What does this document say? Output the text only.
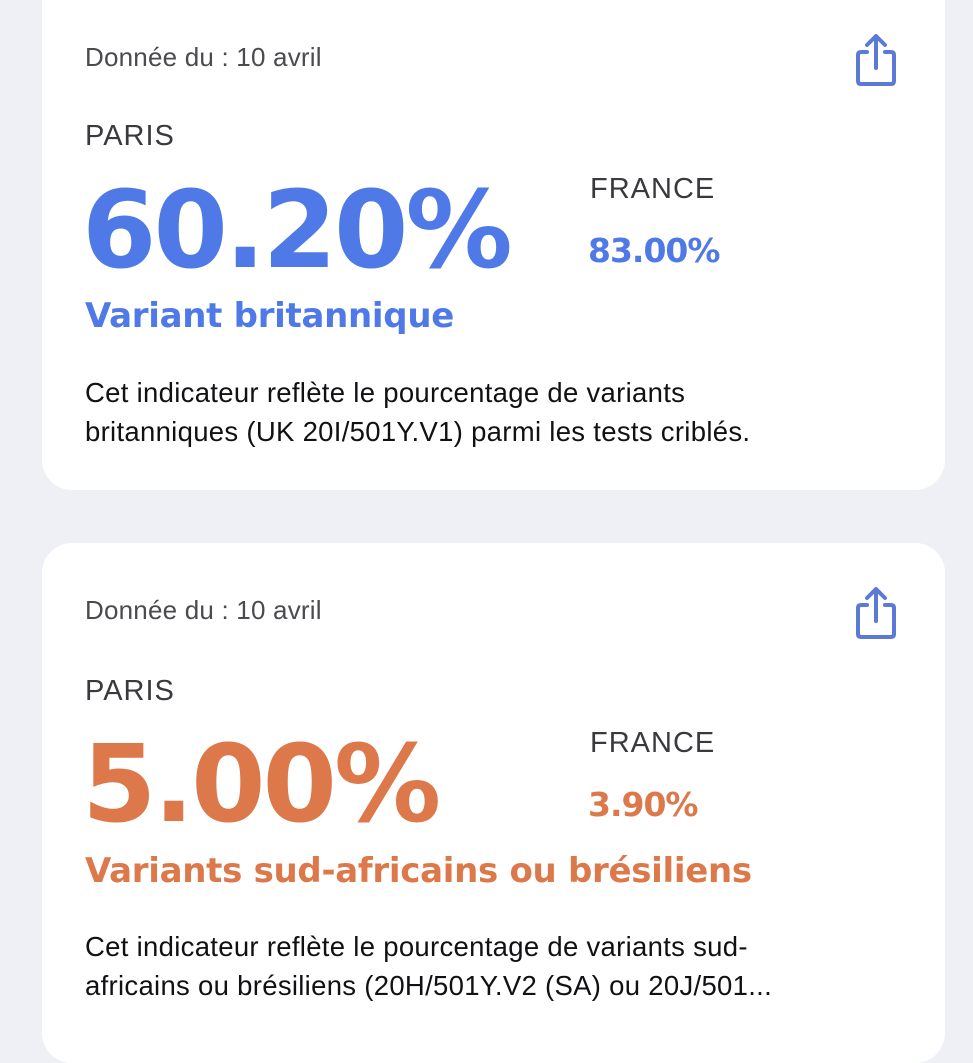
Donnée du : 10 avril
PARIS
60.20%	FRANCE
83.00%
Variant britannique
Cet indicateur reflète le pourcentage de variants
britanniques (UK 20I/501Y.V1) parmi les tests criblés.
Donnée du : 10 avril
PARIS
5.00%	FRANCE
3.90%
Variants sud-africains ou brésiliens
Cet indicateur reflète le pourcentage de variants sud-
africains ou brésiliens (20H/501Y.V2 (SA) ou 20J/501...
